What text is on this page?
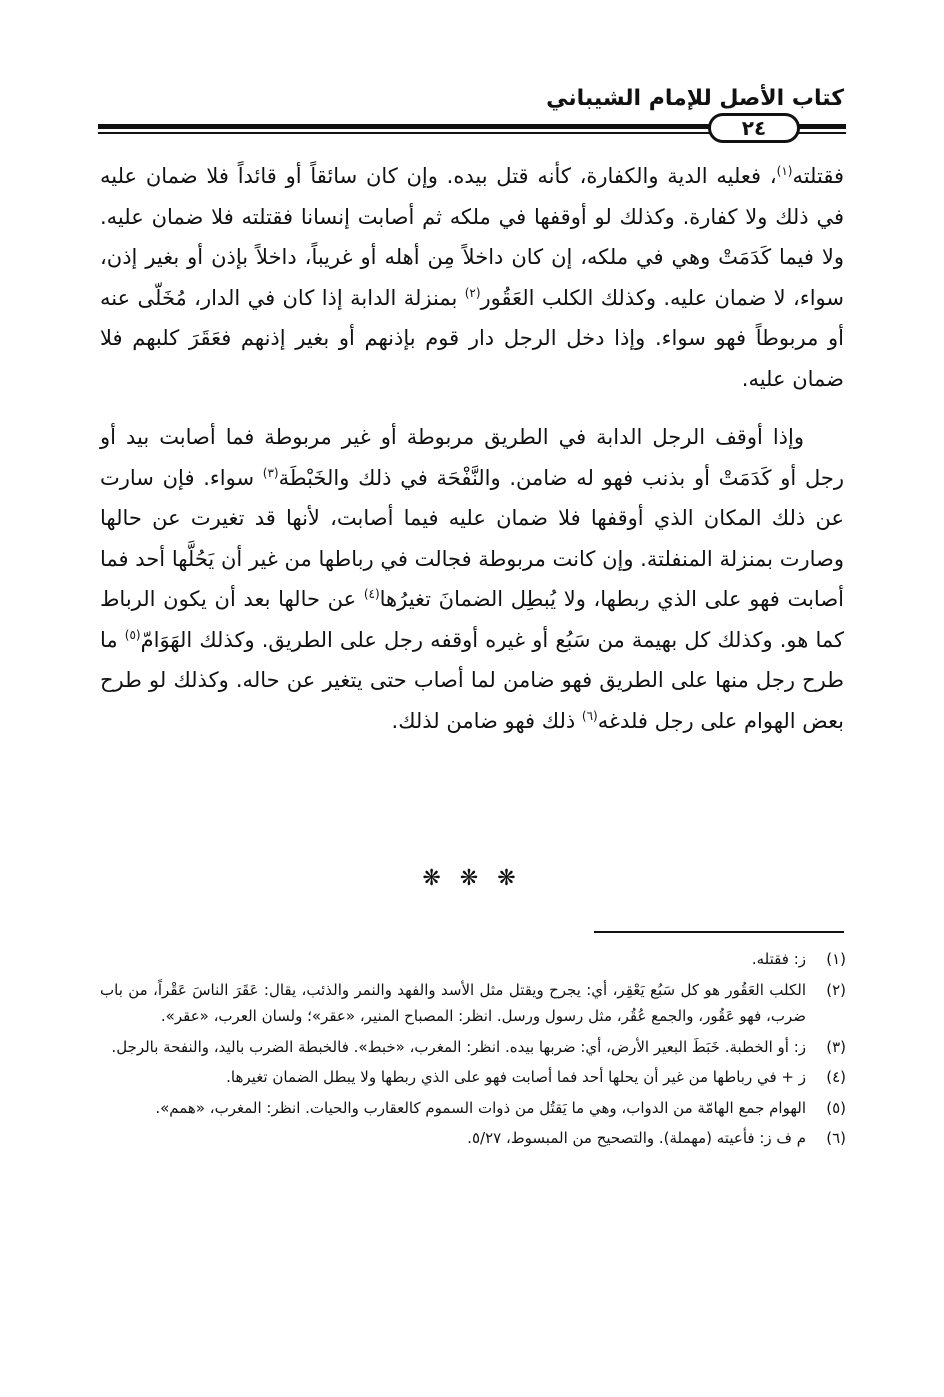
كتاب الأصل للإمام الشيباني
٢٤

فقتلته$^{(١)}$، فعليه الدية والكفارة، كأنه قتل بيده. وإن كان سائقاً أو قائداً فلا ضمان عليه في ذلك ولا كفارة. وكذلك لو أوقفها في ملكه ثم أصابت إنسانا فقتلته فلا ضمان عليه. ولا فيما كَدَمَتْ وهي في ملكه، إن كان داخلاً مِن أهله أو غريباً، داخلاً بإذن أو بغير إذن، سواء، لا ضمان عليه. وكذلك الكلب العَقُور$^{(٢)}$ بمنزلة الدابة إذا كان في الدار، مُخَلّى عنه أو مربوطاً فهو سواء. وإذا دخل الرجل دار قوم بإذنهم أو بغير إذنهم فعَقَرَ كلبهم فلا ضمان عليه.

وإذا أوقف الرجل الدابة في الطريق مربوطة أو غير مربوطة فما أصابت بيد أو رجل أو كَدَمَتْ أو بذنب فهو له ضامن. والنَّفْحَة في ذلك والخَبْطَة$^{(٣)}$ سواء. فإن سارت عن ذلك المكان الذي أوقفها فلا ضمان عليه فيما أصابت، لأنها قد تغيرت عن حالها وصارت بمنزلة المنفلتة. وإن كانت مربوطة فجالت في رباطها من غير أن يَحُلَّها أحد فما أصابت فهو على الذي ربطها، ولا يُبطِل الضمانَ تغيرُها$^{(٤)}$ عن حالها بعد أن يكون الرباط كما هو. وكذلك كل بهيمة من سَبُع أو غيره أوقفه رجل على الطريق. وكذلك الهَوَامّ$^{(٥)}$ ما طرح رجل منها على الطريق فهو ضامن لما أصاب حتى يتغير عن حاله. وكذلك لو طرح بعض الهوام على رجل فلدغه$^{(٦)}$ ذلك فهو ضامن لذلك.

❋ ❋ ❋
(١)
ز: فقتله.
(٢)
الكلب العَقُور هو كل سَبُع يَعْقِر، أي: يجرح ويقتل مثل الأسد والفهد والنمر والذئب، يقال: عَقَرَ الناسَ عَقْراً، من باب ضرب، فهو عَقُور، والجمع عُقُر، مثل رسول ورسل. انظر: المصباح المنير، «عقر»؛ ولسان العرب، «عقر».
(٣)
ز: أو الخطبة. خَبَطَ البعير الأرض، أي: ضربها بيده. انظر: المغرب، «خبط». فالخبطة الضرب باليد، والنفحة بالرجل.
(٤)
ز + في رباطها من غير أن يحلها أحد فما أصابت فهو على الذي ربطها ولا يبطل الضمان تغيرها.
(٥)
الهوام جمع الهامّة من الدواب، وهي ما يَقتُل من ذوات السموم كالعقارب والحيات. انظر: المغرب، «همم».
(٦)
م ف ز: فأعيته (مهملة). والتصحيح من المبسوط، ٥/٢٧.
